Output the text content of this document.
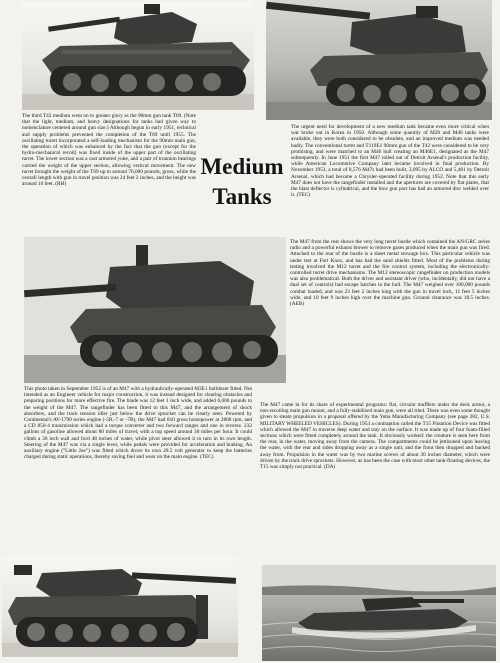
Medium
Tanks

The third T42 medium went on to greater glory as the 90mm gun tank T69. (Note that the light, medium, and heavy designations for tanks had given way to nomenclature centered around gun size.) Although begun in early 1951, technical and supply problems prevented the completion of the T69 until 1955. The oscillating turret incorporated a self-loading mechanism for the 90mm main gun, the operation of which was enhanced by the fact that the gun (except for the hydro-mechanical recoil) was fixed inside of the upper part of the oscillating turret. The lower section was a cast armored yoke, and a pair of trunnion bearings carried the weight of the upper section, allowing vertical movement. The new turret brought the weight of the T69 up to around 76,000 pounds, gross, while the overall length with gun in travel position was 24 feet 2 inches, and the height was around 10 feet. (RH)

The urgent need for development of a new medium tank became even more critical when war broke out in Korea in 1950. Although some quantity of M26 and M46 tanks were available, they were both considered to be obsolete, and an improved medium was needed badly. The conventional turret and T119E1 90mm gun of the T42 were considered to be very promising, and were matched to an M46 hull creating an M46E1, designated as the M47 subsequently. In June 1951 the first M47 rolled out of Detroit Arsenal's production facility, while American Locomotive Company later became involved in final production. By November 1953, a total of 8,576 M47s had been built, 3,095 by ALCO and 5,481 by Detroit Arsenal, which had become a Chrysler-operated facility during 1952. Note that this early M47 does not have the rangefinder installed and the apertures are covered by flat plates, that the blast deflector is cylindrical, and the bow gun port has had an armored disc welded over it. (TEC)

The M47 from the rear shows the very long turret bustle which contained the AN/GRC series radio and a powerful exhaust blower to remove gases produced when the main gun was fired. Attached to the rear of the bustle is a sheet metal stowage box. This particular vehicle was under test at Fort Knox, and has had the sand shields fitted. Most of the problems during testing involved the M12 turret and the fire control system, including the electronically-controlled turret drive mechanisms. The M12 stereoscopic rangefinder on production models was also problematical. Both the driver and assistant driver (who, incidentally, did not have a dual set of controls) had escape hatches in the hull. The M47 weighed over 100,000 pounds combat loaded, and was 23 feet 2 inches long with the gun in travel lock, 11 feet 5 inches wide, and 10 feet 9 inches high over the machine gun. Ground clearance was 18.5 inches. (AEB)

This photo taken in September 1952 is of an M47 with a hydraulically-operated M3E1 bulldozer fitted. Not intended as an Engineer vehicle for major construction, it was instead designed for clearing obstacles and preparing positions for more effective fire. The blade was 12 feet 1 inch wide, and added 6,000 pounds to the weight of the M47. The rangefinder has been fitted to this M47, and the arrangement of shock absorbers, and the track tension idler just below the drive sprocket can be clearly seen. Powered by Continental's AV-1790 series engine (-5B,-7 or -7B), the M47 had 810 gross horsepower at 2800 rpm, and a CD 850-4 transmission which had a torque converter and two forward ranges and one in reverse. 232 gallons of gasoline allowed about 80 miles of travel, with a top speed around 30 miles per hour. It could climb a 36 inch wall and ford 48 inches of water, while pivot steer allowed it to turn in its own length. Steering of the M47 was via a single lever, while pedals were provided for acceleration and braking. An auxiliary engine ("Little Joe") was fitted which drove its own 28.5 volt generator to keep the batteries charged during static operations, thereby saving fuel and wear on the main engine. (TEC)

The M47 came in for its share of experimental programs: flat, circular mufflers under the deck armor, a non-recoiling main gun mount, and a fully-stabilized main gun, were all tried. There was even some thought given to steam propulsion in a proposal offered by the Yuba Manufacturing Company (see page 282, U.S. MILITARY WHEELED VEHICLES). During 1953 a contraption called the T15 Flotation Device was fitted which allowed the M47 to traverse deep water and stay on the surface. It was made up of four foam-filled sections which were fitted completely around the tank. It obviously worked: the creature is seen here from the rear, in the water, moving away from the camera. The compartments could be jettisoned upon leaving the water, with the rear and sides dropping away as a single unit, and the front then dropped and backed away from. Propulsion in the water was by two marine screws of about 30 inches diameter, which were driven by the track drive sprockets. However, as has been the case with most other tank-floating devices, the T15 was simply not practical. (DA)
